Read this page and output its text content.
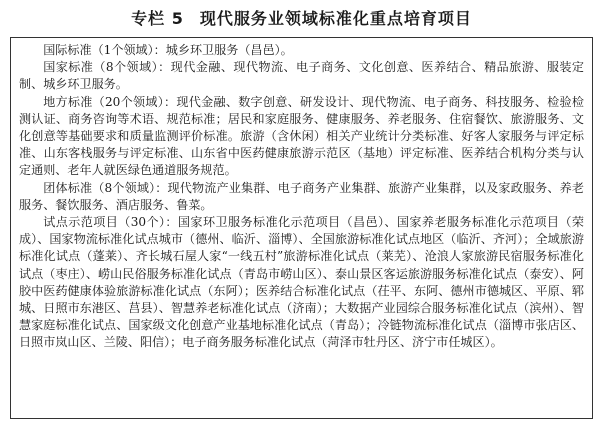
专栏 5 现代服务业领域标准化重点培育项目

国际标准（1个领域）：城乡环卫服务（昌邑）。

国家标准（8个领域）：现代金融、现代物流、电子商务、文化创意、医养结合、精品旅游、服装定制、城乡环卫服务。

地方标准（20个领域）：现代金融、数字创意、研发设计、现代物流、电子商务、科技服务、检验检测认证、商务咨询等术语、规范标准；居民和家庭服务、健康服务、养老服务、住宿餐饮、旅游服务、文化创意等基础要求和质量监测评价标准。旅游（含休闲）相关产业统计分类标准、好客人家服务与评定标准、山东客栈服务与评定标准、山东省中医药健康旅游示范区（基地）评定标准、医养结合机构分类与认定通则、老年人就医绿色通道服务规范。

团体标准（8个领域）：现代物流产业集群、电子商务产业集群、旅游产业集群，以及家政服务、养老服务、餐饮服务、酒店服务、鲁菜。

试点示范项目（30个）：国家环卫服务标准化示范项目（昌邑）、国家养老服务标准化示范项目（荣成）、国家物流标准化试点城市（德州、临沂、淄博）、全国旅游标准化试点地区（临沂、齐河）；全域旅游标准化试点（蓬莱）、齐长城石屋人家“一线五村”旅游标准化试点（莱芜）、沧浪人家旅游民宿服务标准化试点（枣庄）、崂山民俗服务标准化试点（青岛市崂山区）、泰山景区客运旅游服务标准化试点（泰安）、阿胶中医药健康体验旅游标准化试点（东阿）；医养结合标准化试点（茌平、东阿、德州市德城区、平原、郓城、日照市东港区、莒县）、智慧养老标准化试点（济南）；大数据产业园综合服务标准化试点（滨州）、智慧家庭标准化试点、国家级文化创意产业基地标准化试点（青岛）；冷链物流标准化试点（淄博市张店区、日照市岚山区、兰陵、阳信）；电子商务服务标准化试点（菏泽市牡丹区、济宁市任城区）。
